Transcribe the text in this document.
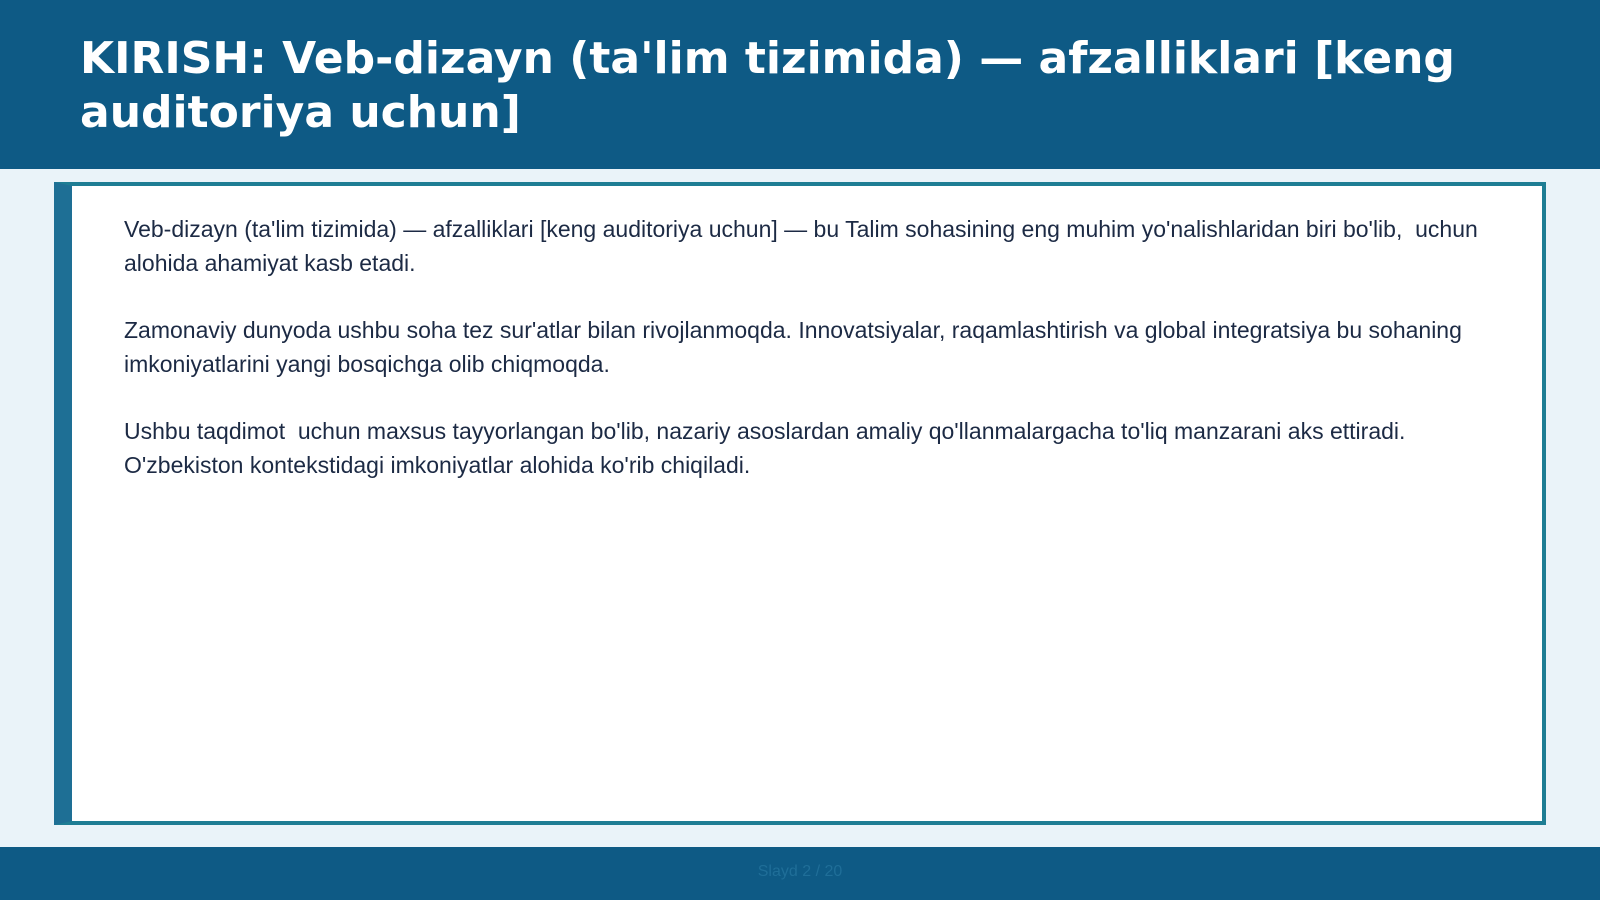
KIRISH: Veb-dizayn (ta'lim tizimida) — afzalliklari [keng auditoriya uchun]

Veb-dizayn (ta'lim tizimida) — afzalliklari [keng auditoriya uchun] — bu Talim sohasining eng muhim yo'nalishlaridan biri bo'lib,  uchun alohida ahamiyat kasb etadi.

Zamonaviy dunyoda ushbu soha tez sur'atlar bilan rivojlanmoqda. Innovatsiyalar, raqamlashtirish va global integratsiya bu sohaning imkoniyatlarini yangi bosqichga olib chiqmoqda.

Ushbu taqdimot  uchun maxsus tayyorlangan bo'lib, nazariy asoslardan amaliy qo'llanmalargacha to'liq manzarani aks ettiradi. O'zbekiston kontekstidagi imkoniyatlar alohida ko'rib chiqiladi.

Slayd 2 / 20
